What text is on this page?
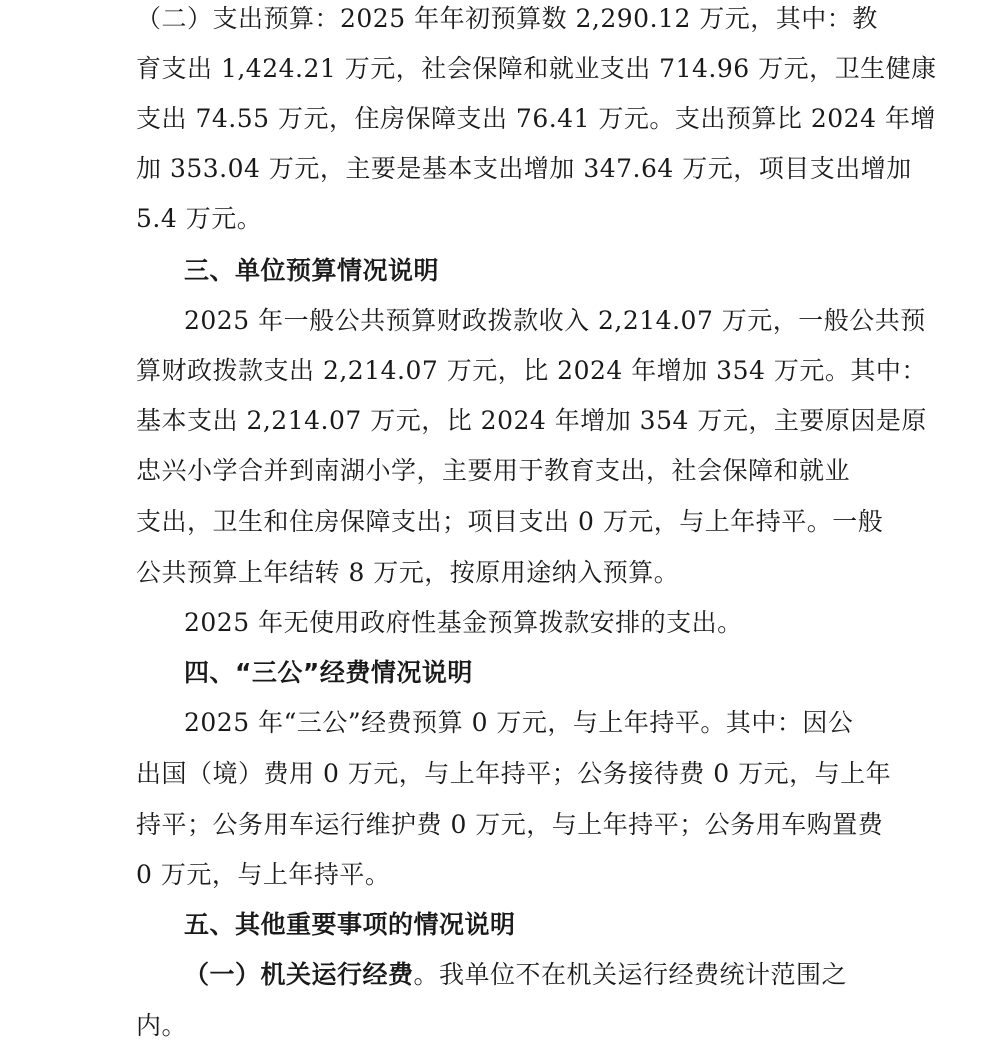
（二）支出预算：2025 年年初预算数 2,290.12 万元，其中：教
育支出 1,424.21 万元，社会保障和就业支出 714.96 万元，卫生健康
支出 74.55 万元，住房保障支出 76.41 万元。支出预算比 2024 年增
加 353.04 万元，主要是基本支出增加 347.64 万元，项目支出增加
5.4 万元。
三、单位预算情况说明
2025 年一般公共预算财政拨款收入 2,214.07 万元，一般公共预
算财政拨款支出 2,214.07 万元，比 2024 年增加 354 万元。其中：
基本支出 2,214.07 万元，比 2024 年增加 354 万元，主要原因是原
忠兴小学合并到南湖小学，主要用于教育支出，社会保障和就业
支出，卫生和住房保障支出；项目支出 0 万元，与上年持平。一般
公共预算上年结转 8 万元，按原用途纳入预算。
2025 年无使用政府性基金预算拨款安排的支出。
四、“三公”经费情况说明
2025 年“三公”经费预算 0 万元，与上年持平。其中：因公
出国（境）费用 0 万元，与上年持平；公务接待费 0 万元，与上年
持平；公务用车运行维护费 0 万元，与上年持平；公务用车购置费
0 万元，与上年持平。
五、其他重要事项的情况说明
（一）机关运行经费。我单位不在机关运行经费统计范围之
内。
